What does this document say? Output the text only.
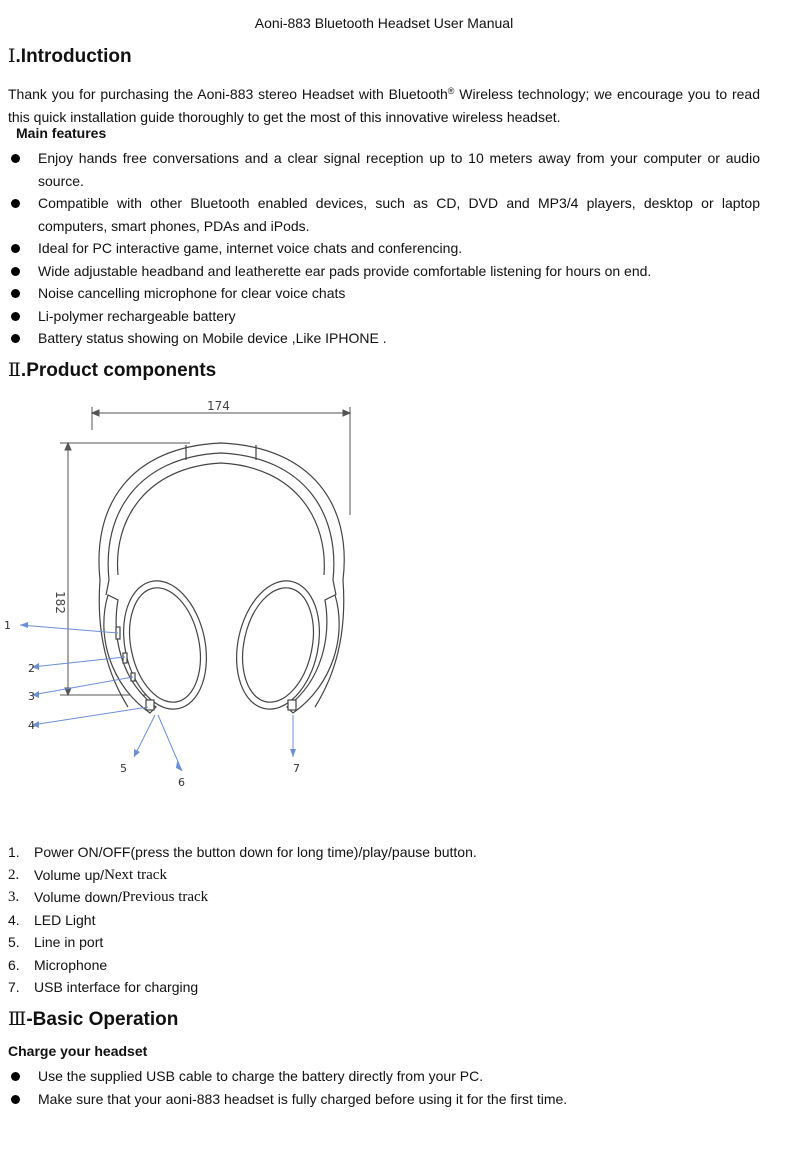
Aoni-883 Bluetooth Headset User Manual
Ⅰ.Introduction

Thank you for purchasing the Aoni-883 stereo Headset with Bluetooth® Wireless technology; we encourage you to read this quick installation guide thoroughly to get the most of this innovative wireless headset.

Main features
Enjoy hands free conversations and a clear signal reception up to 10 meters away from your computer or audio source.
Compatible with other Bluetooth enabled devices, such as CD, DVD and MP3/4 players, desktop or laptop computers, smart phones, PDAs and iPods.
Ideal for PC interactive game, internet voice chats and conferencing.
Wide adjustable headband and leatherette ear pads provide comfortable listening for hours on end.
Noise cancelling microphone for clear voice chats
Li-polymer rechargeable battery
Battery status showing on Mobile device ,Like IPHONE .
Ⅱ.Product components
174
182
1
2
3
4
5
6
7
1.	Power ON/OFF(press the button down for long time)/play/pause button.
2.	Volume up/ Next track
3.	Volume down/ Previous track
4.	LED Light
5.	Line in port
6.	Microphone
7.	USB interface for charging
Ⅲ-Basic Operation
Charge your headset
Use the supplied USB cable to charge the battery directly from your PC.
Make sure that your aoni-883 headset is fully charged before using it for the first time.
